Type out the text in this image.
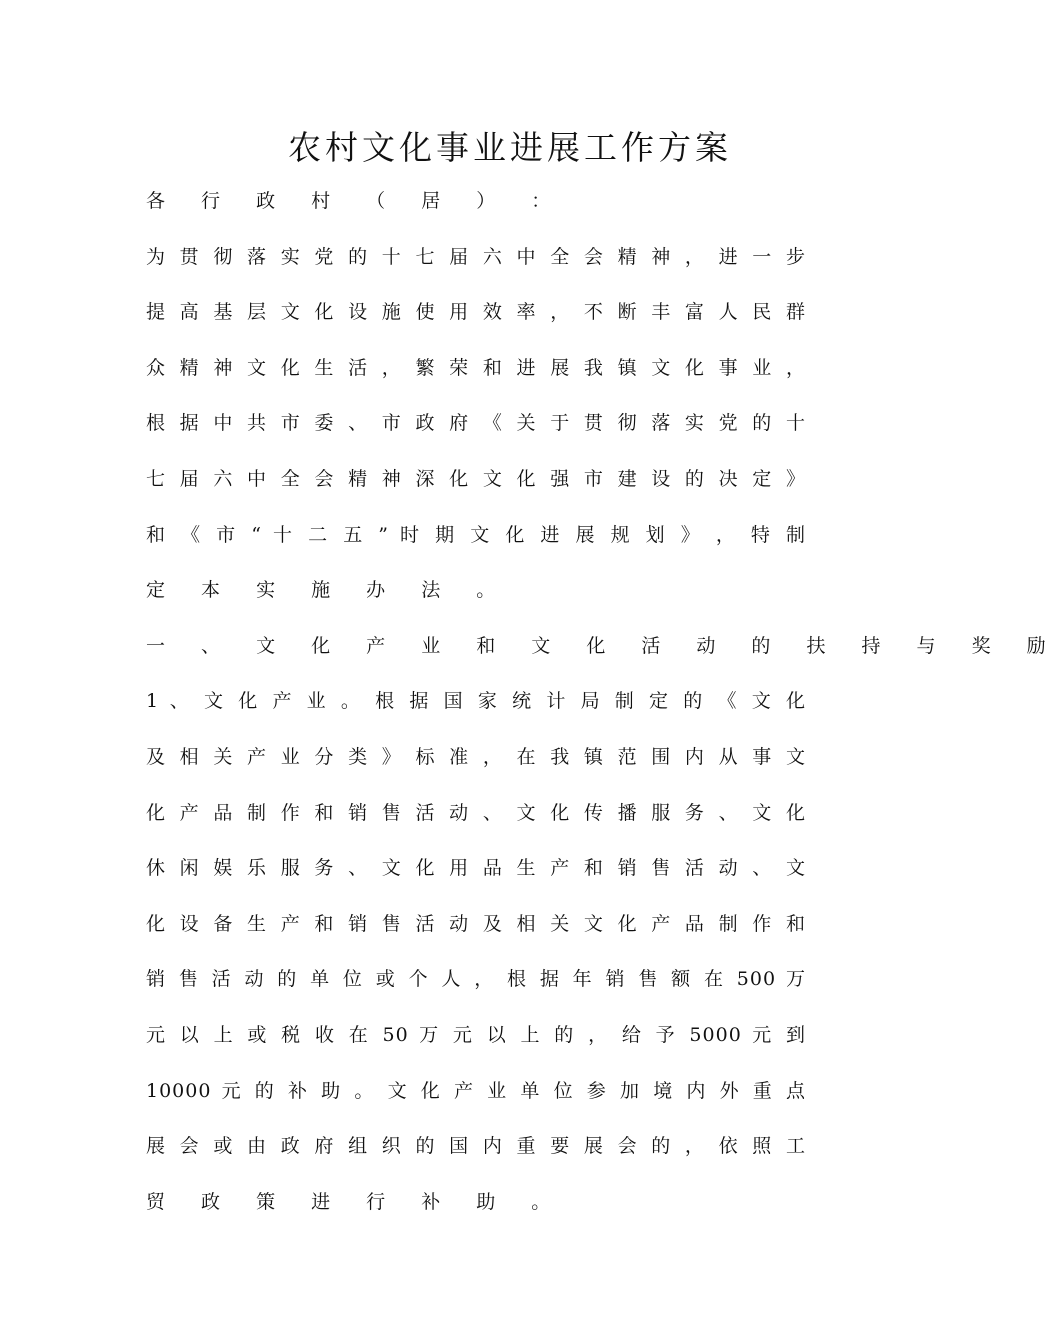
农村文化事业进展工作方案
各 行 政 村 （ 居 ） ：
为 贯 彻 落 实 党 的 十 七 届 六 中 全 会 精 神 ， 进 一 步
提 高 基 层 文 化 设 施 使 用 效 率 ， 不 断 丰 富 人 民 群
众 精 神 文 化 生 活 ， 繁 荣 和 进 展 我 镇 文 化 事 业 ，
根 据 中 共 市 委 、 市 政 府 《 关 于 贯 彻 落 实 党 的 十
七 届 六 中 全 会 精 神 深 化 文 化 强 市 建 设 的 决 定 》
和 《 市 “ 十 二 五 ” 时 期 文 化 进 展 规 划 》 ， 特 制
定 本 实 施 办 法 。
一 、 文 化 产 业 和 文 化 活 动 的 扶 持 与 奖 励
1 、 文 化 产 业 。 根 据 国 家 统 计 局 制 定 的 《 文 化
及 相 关 产 业 分 类 》 标 准 ， 在 我 镇 范 围 内 从 事 文
化 产 品 制 作 和 销 售 活 动 、 文 化 传 播 服 务 、 文 化
休 闲 娱 乐 服 务 、 文 化 用 品 生 产 和 销 售 活 动 、 文
化 设 备 生 产 和 销 售 活 动 及 相 关 文 化 产 品 制 作 和
销 售 活 动 的 单 位 或 个 人 ， 根 据 年 销 售 额 在 500 万
元 以 上 或 税 收 在 50 万 元 以 上 的 ， 给 予 5000 元 到
10000 元 的 补 助 。 文 化 产 业 单 位 参 加 境 内 外 重 点
展 会 或 由 政 府 组 织 的 国 内 重 要 展 会 的 ， 依 照 工
贸 政 策 进 行 补 助 。
